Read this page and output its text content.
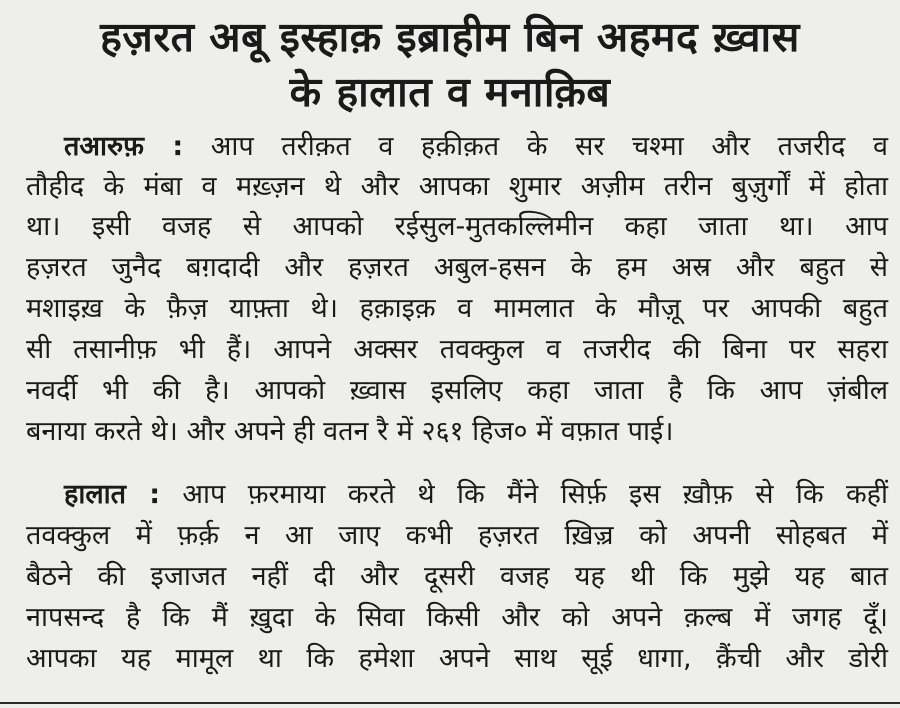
हज़रत अबू इस्हाक़ इब्राहीम बिन अहमद ख़्वास
के हालात व मनाक़िब
तआरुफ़ : आप तरीक़त व हक़ीक़त के सर चश्मा और तजरीद व
तौहीद के मंबा व मख़्ज़न थे और आपका शुमार अज़ीम तरीन बुज़ुर्गों में होता
था। इसी वजह से आपको रईसुल-मुतकल्लिमीन कहा जाता था। आप
हज़रत जुनैद बग़दादी और हज़रत अबुल-हसन के हम अस्र और बहुत से
मशाइख़ के फ़ैज़ याफ़्ता थे। हक़ाइक़ व मामलात के मौज़ू पर आपकी बहुत
सी तसानीफ़ भी हैं। आपने अक्सर तवक्कुल व तजरीद की बिना पर सहरा
नवर्दी भी की है। आपको ख़्वास इसलिए कहा जाता है कि आप ज़ंबील
बनाया करते थे। और अपने ही वतन रै में २६१ हिज० में वफ़ात पाई।
हालात : आप फ़रमाया करते थे कि मैंने सिर्फ़ इस ख़ौफ़ से कि कहीं
तवक्कुल में फ़र्क़ न आ जाए कभी हज़रत ख़िज़्र को अपनी सोहबत में
बैठने की इजाजत नहीं दी और दूसरी वजह यह थी कि मुझे यह बात
नापसन्द है कि मैं ख़ुदा के सिवा किसी और को अपने क़ल्ब में जगह दूँ।
आपका यह मामूल था कि हमेशा अपने साथ सूई धागा, क़ैंची और डोरी
